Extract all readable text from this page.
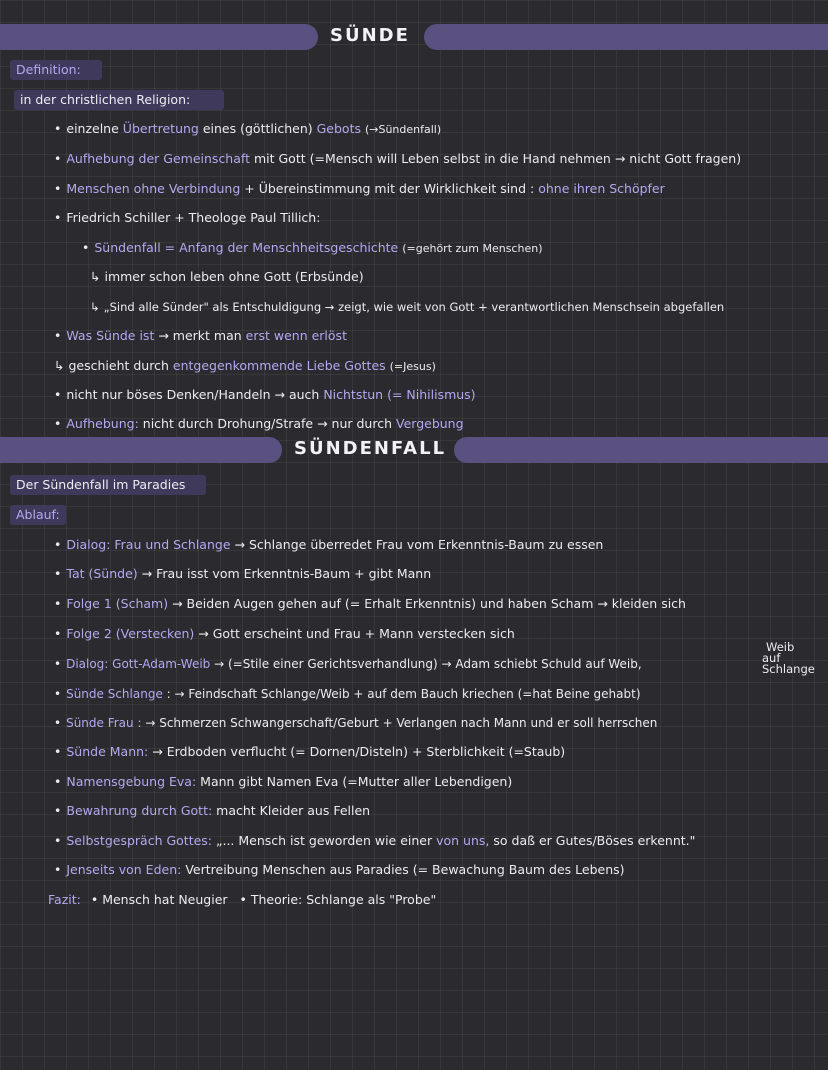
SÜNDE
Definition:
in der christlichen Religion:
• einzelne Übertretung eines (göttlichen) Gebots (→Sündenfall)
• Aufhebung der Gemeinschaft mit Gott (=Mensch will Leben selbst in die Hand nehmen → nicht Gott fragen)
• Menschen ohne Verbindung + Übereinstimmung mit der Wirklichkeit sind : ohne ihren Schöpfer
• Friedrich Schiller + Theologe Paul Tillich:
• Sündenfall = Anfang der Menschheitsgeschichte (=gehört zum Menschen)
↳ immer schon leben ohne Gott (Erbsünde)
↳ „Sind alle Sünder" als Entschuldigung → zeigt, wie weit von Gott + verantwortlichen Menschsein abgefallen
• Was Sünde ist → merkt man erst wenn erlöst
↳ geschieht durch entgegenkommende Liebe Gottes (=Jesus)
• nicht nur böses Denken/Handeln → auch Nichtstun (= Nihilismus)
• Aufhebung: nicht durch Drohung/Strafe → nur durch Vergebung
SÜNDENFALL
Der Sündenfall im Paradies
Ablauf:
• Dialog: Frau und Schlange → Schlange überredet Frau vom Erkenntnis-Baum zu essen
• Tat (Sünde) → Frau isst vom Erkenntnis-Baum + gibt Mann
• Folge 1 (Scham) → Beiden Augen gehen auf (= Erhalt Erkenntnis) und haben Scham → kleiden sich
• Folge 2 (Verstecken) → Gott erscheint und Frau + Mann verstecken sich
• Dialog: Gott-Adam-Weib → (=Stile einer Gerichtsverhandlung) → Adam schiebt Schuld auf Weib,
Weib
auf
Schlange
• Sünde Schlange : → Feindschaft Schlange/Weib + auf dem Bauch kriechen (=hat Beine gehabt)
• Sünde Frau : → Schmerzen Schwangerschaft/Geburt + Verlangen nach Mann und er soll herrschen
• Sünde Mann: → Erdboden verflucht (= Dornen/Disteln) + Sterblichkeit (=Staub)
• Namensgebung Eva: Mann gibt Namen Eva (=Mutter aller Lebendigen)
• Bewahrung durch Gott: macht Kleider aus Fellen
• Selbstgespräch Gottes: „... Mensch ist geworden wie einer von uns, so daß er Gutes/Böses erkennt."
• Jenseits von Eden: Vertreibung Menschen aus Paradies (= Bewachung Baum des Lebens)
Fazit: • Mensch hat Neugier • Theorie: Schlange als "Probe"
